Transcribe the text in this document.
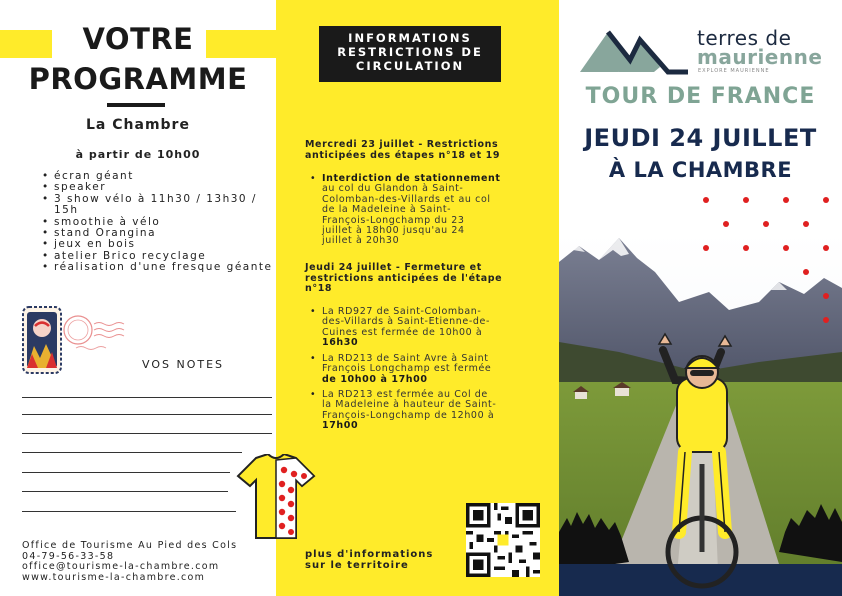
VOTRE
PROGRAMME
La Chambre
à partir de 10h00
• écran géant
• speaker
• 3 show vélo à 11h30 / 13h30 / 15h
• smoothie à vélo
• stand Orangina
• jeux en bois
• atelier Brico recyclage
• réalisation d'une fresque géante
VOS NOTES
Office de Tourisme Au Pied des Cols
04-79-56-33-58
office@tourisme-la-chambre.com
www.tourisme-la-chambre.com
INFORMATIONS
RESTRICTIONS DE
CIRCULATION
Mercredi 23 juillet - Restrictions
anticipées des étapes n°18 et 19
• Interdiction de stationnement
au col du Glandon à Saint-
Colomban-des-Villards et au col
de la Madeleine à Saint-
François-Longchamp du 23
juillet à 18h00 jusqu'au 24
juillet à 20h30
Jeudi 24 juillet - Fermeture et
restrictions anticipées de l'étape
n°18
• La RD927 de Saint-Colomban-
des-Villards à Saint-Etienne-de-
Cuines est fermée de 10h00 à
16h30
• La RD213 de Saint Avre à Saint
François Longchamp est fermée
de 10h00 à 17h00
• La RD213 est fermée au Col de
la Madeleine à hauteur de Saint-
François-Longchamp de 12h00 à
17h00
plus d'informations
sur le territoire
terres de
maurienne
EXPLORE MAURIENNE
TOUR DE FRANCE
JEUDI 24 JUILLET
À LA CHAMBRE
